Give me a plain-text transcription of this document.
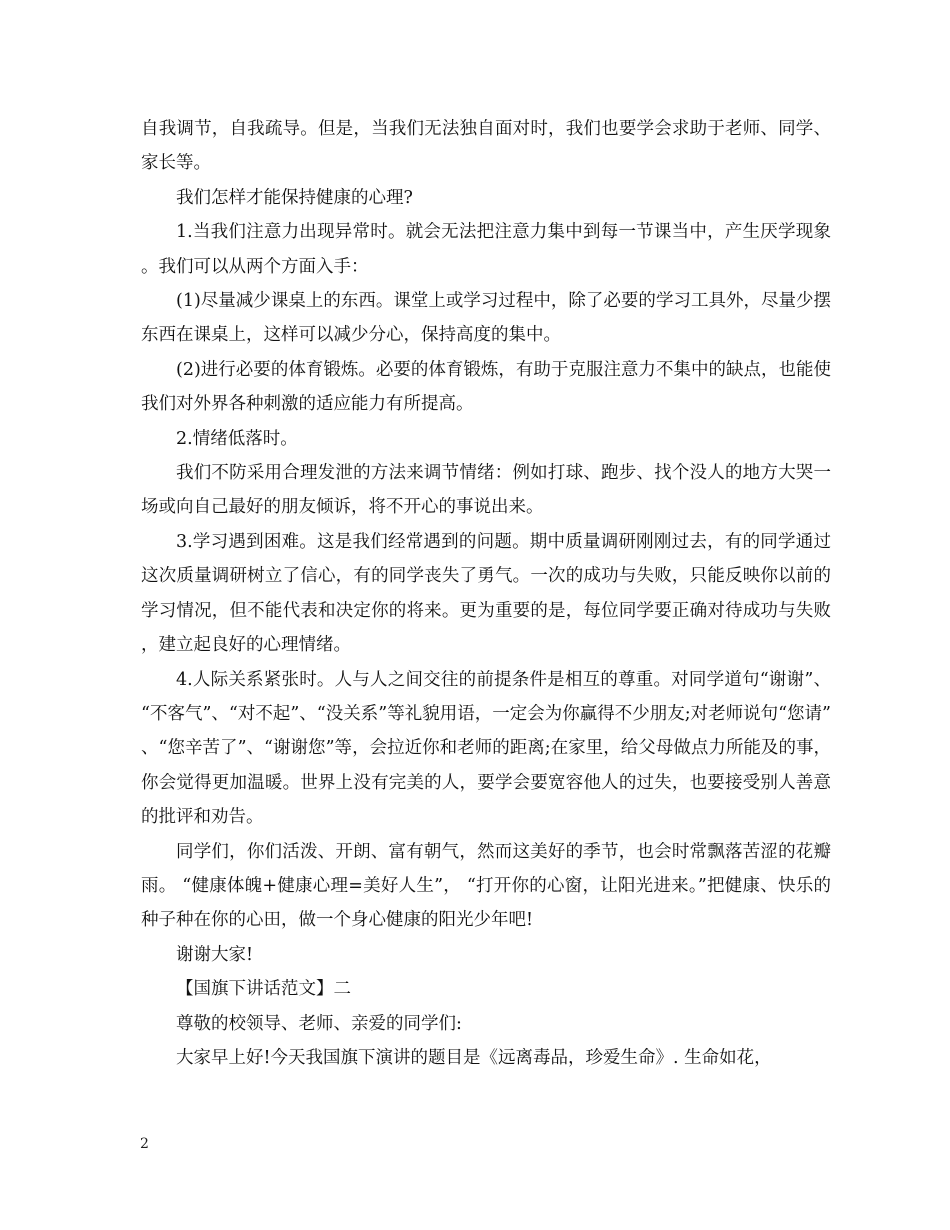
自我调节，自我疏导。但是，当我们无法独自面对时，我们也要学会求助于老师、同学、家长等。

我们怎样才能保持健康的心理?

1.当我们注意力出现异常时。就会无法把注意力集中到每一节课当中，产生厌学现象。我们可以从两个方面入手：

(1)尽量减少课桌上的东西。课堂上或学习过程中，除了必要的学习工具外，尽量少摆东西在课桌上，这样可以减少分心，保持高度的集中。

(2)进行必要的体育锻炼。必要的体育锻炼，有助于克服注意力不集中的缺点，也能使我们对外界各种刺激的适应能力有所提高。

2.情绪低落时。

我们不防采用合理发泄的方法来调节情绪：例如打球、跑步、找个没人的地方大哭一场或向自己最好的朋友倾诉，将不开心的事说出来。

3.学习遇到困难。这是我们经常遇到的问题。期中质量调研刚刚过去，有的同学通过这次质量调研树立了信心，有的同学丧失了勇气。一次的成功与失败，只能反映你以前的学习情况，但不能代表和决定你的将来。更为重要的是，每位同学要正确对待成功与失败，建立起良好的心理情绪。

4.人际关系紧张时。人与人之间交往的前提条件是相互的尊重。对同学道句“谢谢”、“不客气”、“对不起”、“没关系”等礼貌用语，一定会为你赢得不少朋友;对老师说句“您请”、“您辛苦了”、“谢谢您”等，会拉近你和老师的距离;在家里，给父母做点力所能及的事，你会觉得更加温暖。世界上没有完美的人，要学会要宽容他人的过失，也要接受别人善意的批评和劝告。

同学们，你们活泼、开朗、富有朝气，然而这美好的季节，也会时常飘落苦涩的花瓣雨。 “健康体魄+健康心理=美好人生”， “打开你的心窗，让阳光进来。”把健康、快乐的种子种在你的心田，做一个身心健康的阳光少年吧!

谢谢大家!

【国旗下讲话范文】二

尊敬的校领导、老师、亲爱的同学们:

大家早上好!今天我国旗下演讲的题目是《远离毒品，珍爱生命》. 生命如花，

2
